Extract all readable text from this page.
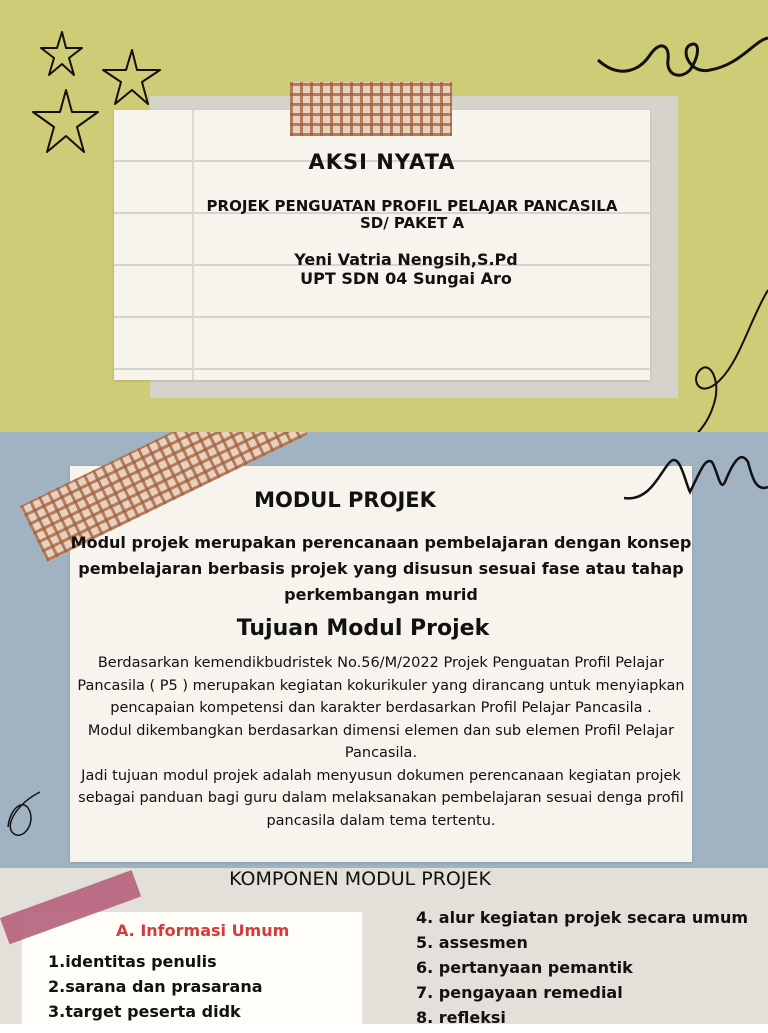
AKSI NYATA
PROJEK PENGUATAN PROFIL PELAJAR PANCASILA
SD/ PAKET A
Yeni Vatria Nengsih,S.Pd
UPT SDN 04 Sungai Aro
MODUL PROJEK
Modul projek merupakan perencanaan pembelajaran dengan konsep pembelajaran berbasis projek yang disusun sesuai fase atau tahap perkembangan murid
Tujuan Modul Projek

Berdasarkan kemendikbudristek No.56/M/2022 Projek Penguatan Profil Pelajar Pancasila ( P5 ) merupakan kegiatan kokurikuler yang dirancang untuk menyiapkan pencapaian kompetensi dan karakter berdasarkan Profil Pelajar Pancasila .

Modul dikembangkan berdasarkan dimensi elemen dan sub elemen Profil Pelajar Pancasila.

Jadi tujuan modul projek adalah menyusun dokumen perencanaan kegiatan projek sebagai panduan bagi guru dalam melaksanakan pembelajaran sesuai denga profil pancasila dalam tema tertentu.

KOMPONEN MODUL PROJEK
A. Informasi Umum
1.identitas penulis
2.sarana dan prasarana
3.target peserta didk
4. alur kegiatan projek secara umum
5. assesmen
6. pertanyaan pemantik
7. pengayaan remedial
8. refleksi
